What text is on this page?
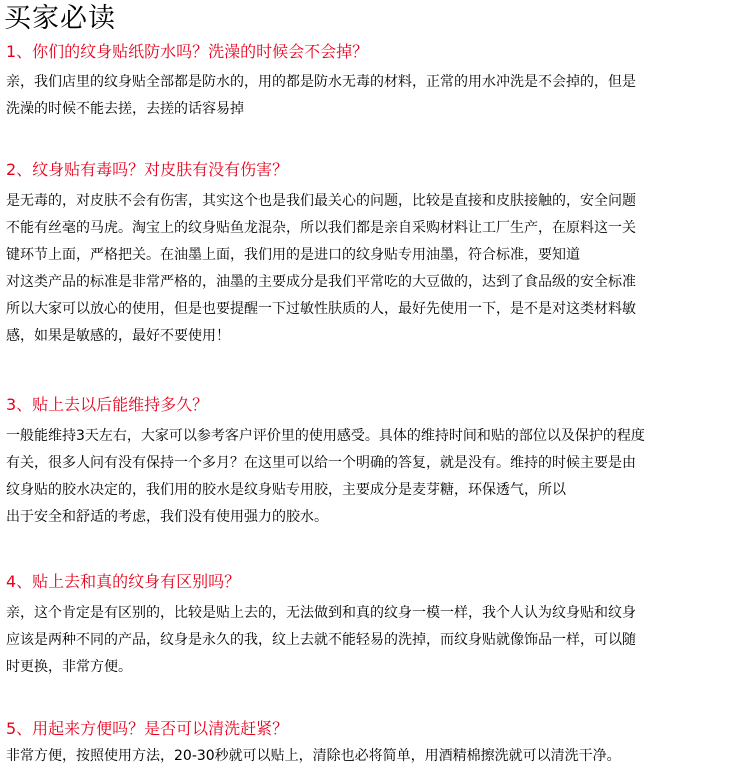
买家必读
1、你们的纹身贴纸防水吗？洗澡的时候会不会掉？
亲，我们店里的纹身贴全部都是防水的，用的都是防水无毒的材料，正常的用水冲洗是不会掉的，但是
洗澡的时候不能去搓，去搓的话容易掉
2、纹身贴有毒吗？对皮肤有没有伤害？
是无毒的，对皮肤不会有伤害，其实这个也是我们最关心的问题，比较是直接和皮肤接触的，安全问题
不能有丝毫的马虎。淘宝上的纹身贴鱼龙混杂，所以我们都是亲自采购材料让工厂生产，在原料这一关
键环节上面，严格把关。在油墨上面，我们用的是进口的纹身贴专用油墨，符合标准，要知道
对这类产品的标准是非常严格的，油墨的主要成分是我们平常吃的大豆做的，达到了食品级的安全标准
所以大家可以放心的使用，但是也要提醒一下过敏性肤质的人，最好先使用一下，是不是对这类材料敏
感，如果是敏感的，最好不要使用！
3、贴上去以后能维持多久？
一般能维持3天左右，大家可以参考客户评价里的使用感受。具体的维持时间和贴的部位以及保护的程度
有关，很多人问有没有保持一个多月？在这里可以给一个明确的答复，就是没有。维持的时候主要是由
纹身贴的胶水决定的，我们用的胶水是纹身贴专用胶，主要成分是麦芽糖，环保透气，所以
出于安全和舒适的考虑，我们没有使用强力的胶水。
4、贴上去和真的纹身有区别吗？
亲，这个肯定是有区别的，比较是贴上去的，无法做到和真的纹身一模一样，我个人认为纹身贴和纹身
应该是两种不同的产品，纹身是永久的我，纹上去就不能轻易的洗掉，而纹身贴就像饰品一样，可以随
时更换，非常方便。
5、用起来方便吗？是否可以清洗赶紧？
非常方便，按照使用方法，20-30秒就可以贴上，清除也必将简单，用酒精棉擦洗就可以清洗干净。
